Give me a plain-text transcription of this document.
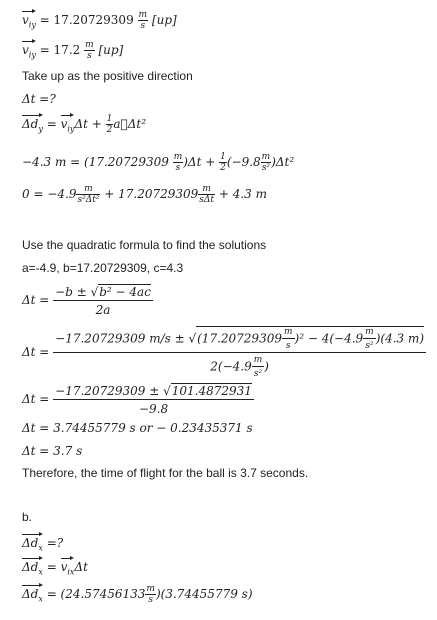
$v_{iy} = 17.20729309 \frac{m}{s} [up]$
$v_{iy} = 17.2 \frac{m}{s} [up]$
Take up as the positive direction
Δt =?
$\Delta d_y = v_{iy}\Delta t + \frac{1}{2}$ a⃗Δt²
−4.3 $m = (17.20729309 \frac{m}{s} )\Delta t + \frac{1}{2} (-9.8 \frac{m}{\text{s²}} )\Delta t^2$
$0 = -4.9 \frac{m}{\text{s²Δt²}} + 17.20729309 \frac{m}{\text{sΔt}} + 4.3$ m
Use the quadratic formula to find the solutions
a=-4.9, b=17.20729309, c=4.3
$\Delta t = \frac{\text{−b ± √b² − 4ac}}{2a}$
$\Delta t = \frac{-17.20729309 m/s \pm √(17.20729309 \frac{m}{s} )^2 - 4(-4.9 \frac{m}{\text{s²}} )(4.3 m)}{2(-4.9 \frac{m}{\text{s²}} )}$
$\Delta t = \frac{-17.20729309 \pm √101.4872931}{-9.8}$
Δt = 3.74455779 s or − 0.23435371 s
Δt = 3.7 s
Therefore, the time of flight for the ball is 3.7 seconds.
b.
$\Delta d_x$ =?
$\Delta d_x = v_{ix}\Delta t$
$\Delta d_x = (24.57456133 \frac{m}{s} )(3.74455779$ s)
